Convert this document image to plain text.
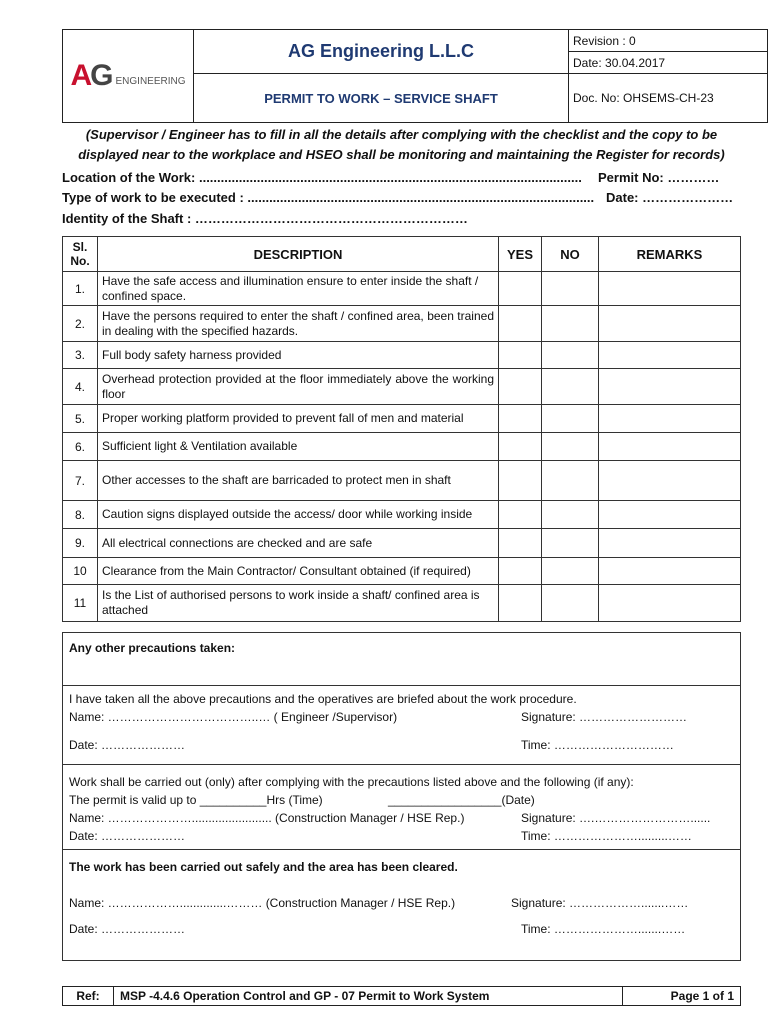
A G ENGINEERING	AG Engineering L.L.C	Revision : 0
		Date: 30.04.2017
	PERMIT TO WORK – SERVICE SHAFT	Doc. No: OHSEMS-CH-23
(Supervisor / Engineer has to fill in all the details after complying with the checklist and the copy to be displayed near to the workplace and HSEO shall be monitoring and maintaining the Register for records)
Location of the Work: .......................................................................................................... Permit No: …………
Type of work to be executed : ................................................................................................ Date: …………………
Identity of the Shaft : ………………………………………………………
Sl. No.	DESCRIPTION	YES	NO	REMARKS
1.	Have the safe access and illumination ensure to enter inside the shaft / confined space.			
2.	Have the persons required to enter the shaft / confined area, been trained in dealing with the specified hazards.			
3.	Full body safety harness provided			
4.	Overhead protection provided at the floor immediately above the working floor			
5.	Proper working platform provided to prevent fall of men and material			
6.	Sufficient light & Ventilation available			
7.	Other accesses to the shaft are barricaded to protect men in shaft			
8.	Caution signs displayed outside the access/ door while working inside			
9.	All electrical connections are checked and are safe			
10	Clearance from the Main Contractor/ Consultant obtained (if required)			
11	Is the List of authorised persons to work inside a shaft/ confined area is attached			
Any other precautions taken:
I have taken all the above precautions and the operatives are briefed about the work procedure.
Name: ………………………………..… ( Engineer /Supervisor)	Signature: ………………………
Date: …………………	Time: …………………………
Work shall be carried out (only) after complying with the precautions listed above and the following (if any):
The permit is valid up to __________Hrs (Time)	_________________(Date)
Name: …………………........................ (Construction Manager / HSE Rep.)	Signature: ….……………………......
Date: …………………	Time: ………………….........……
The work has been carried out safely and the area has been cleared.
Name: ………………..............……… (Construction Manager / HSE Rep.)	Signature: ……………….......……
Date: …………………	Time: ………………….......……
Ref:	MSP -4.4.6 Operation Control and GP - 07 Permit to Work System	Page 1 of 1
